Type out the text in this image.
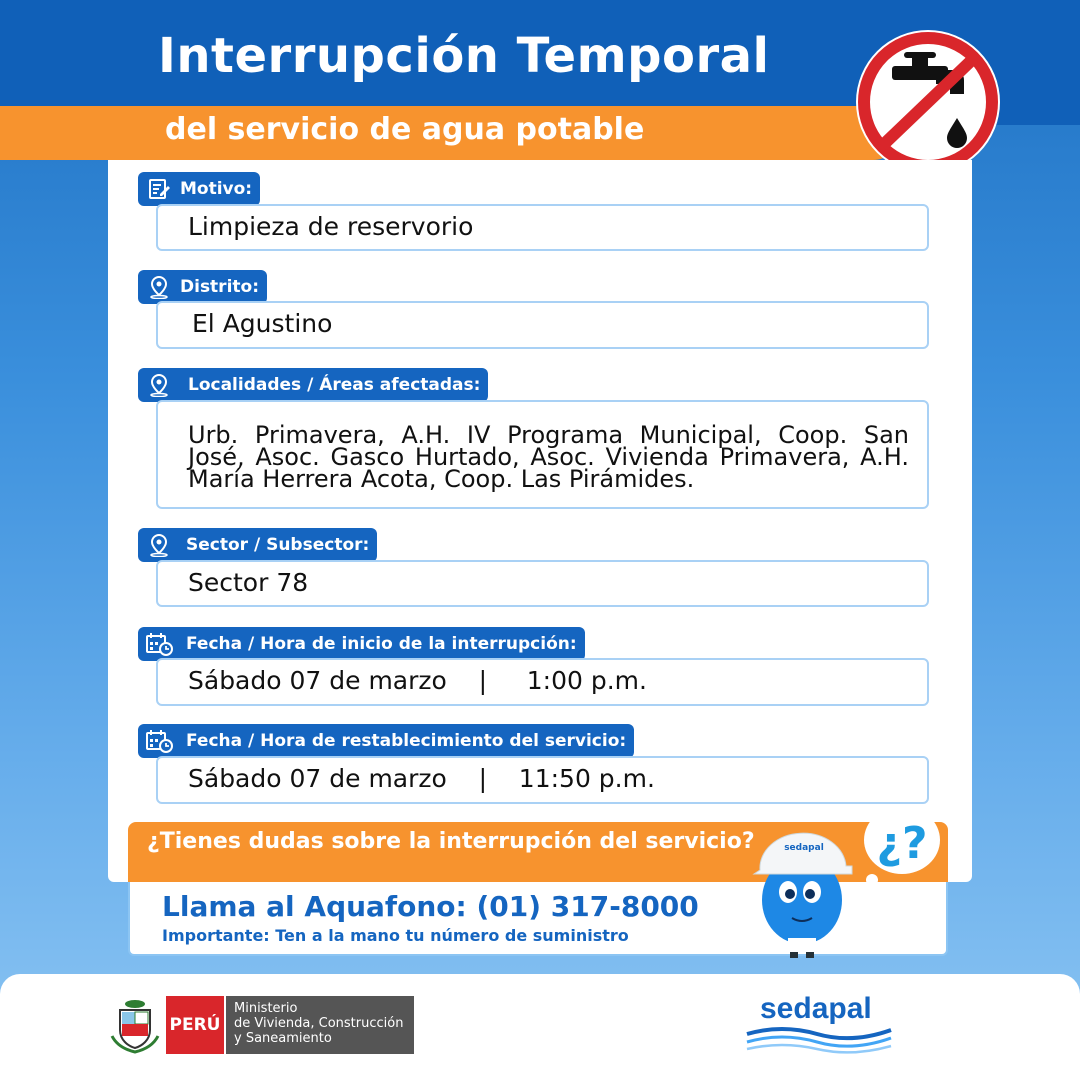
Interrupción Temporal
del servicio de agua potable
Motivo:
Limpieza de reservorio
Distrito:
El Agustino
Localidades / Áreas afectadas:
Urb. Primavera, A.H. IV Programa Municipal, Coop. San José, Asoc. Gasco Hurtado, Asoc. Vivienda Primavera, A.H. María Herrera Acota, Coop. Las Pirámides.
Sector / Subsector:
Sector 78
Fecha / Hora de inicio de la interrupción:
Sábado 07 de marzo    |     1:00 p.m.
Fecha / Hora de restablecimiento del servicio:
Sábado 07 de marzo    |    11:50 p.m.
¿Tienes dudas sobre la interrupción del servicio?
Llama al Aquafono: (01) 317-8000
Importante: Ten a la mano tu número de suministro
¿?
sedapal
PERÚ
Ministerio
de Vivienda, Construcción
y Saneamiento
sedapal
